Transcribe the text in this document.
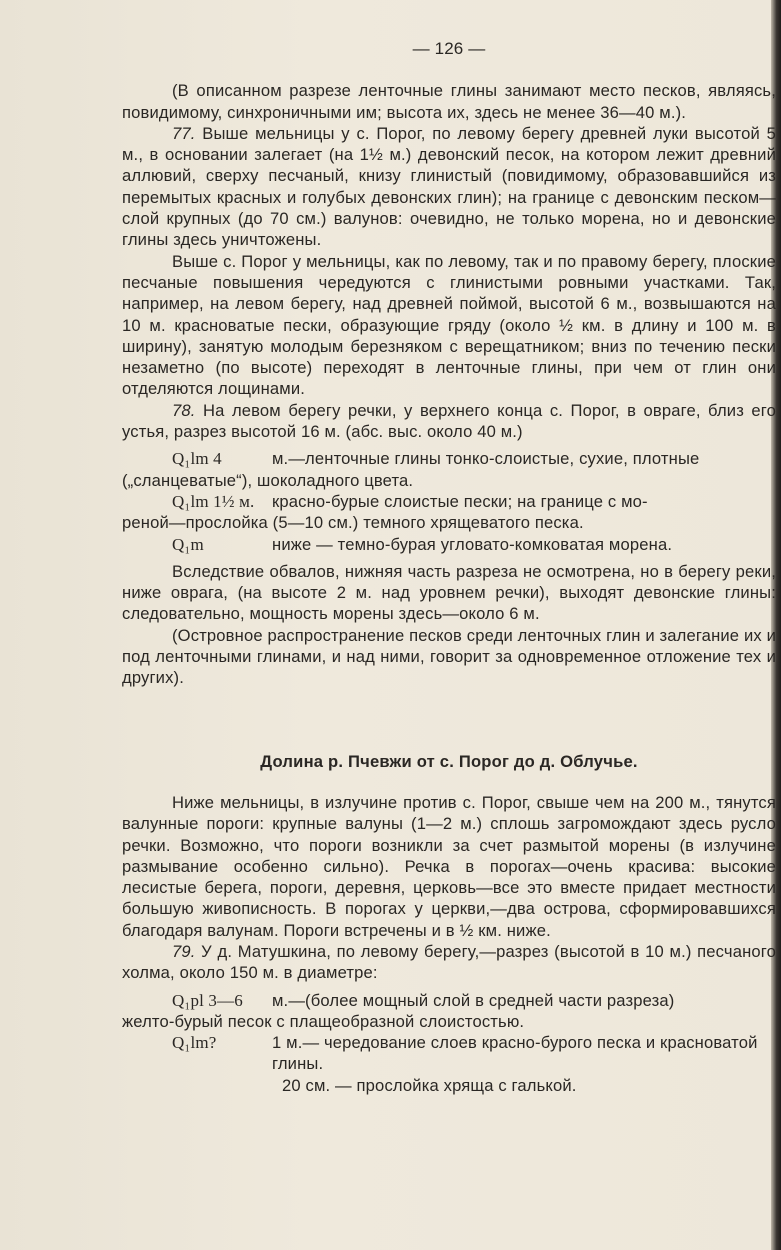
— 126 —

(В описанном разрезе ленточные глины занимают место песков, являясь, повидимому, синхроничными им; высота их, здесь не менее 36—40 м.).

77. Выше мельницы у с. Порог, по левому берегу древней луки высотой 5 м., в основании залегает (на 1½ м.) девонский песок, на котором лежит древний аллювий, сверху песчаный, книзу глинистый (повидимому, образовавшийся из перемытых красных и голубых девонских глин); на границе с девонским песком—слой крупных (до 70 см.) валунов: очевидно, не только морена, но и девонские глины здесь уничтожены.

Выше с. Порог у мельницы, как по левому, так и по правому берегу, плоские песчаные повышения чередуются с глинистыми ровными участками. Так, например, на левом берегу, над древней поймой, высотой 6 м., возвышаются на 10 м. красноватые пески, образующие гряду (около ½ км. в длину и 100 м. в ширину), занятую молодым березняком с верещатником; вниз по течению пески незаметно (по высоте) переходят в ленточные глины, при чем от глин они отделяются лощинами.

78. На левом берегу речки, у верхнего конца с. Порог, в овраге, близ его устья, разрез высотой 16 м. (абс. выс. около 40 м.)

Q₁lm 4	м.—ленточные глины тонко-слоистые, сухие, плотные
(„сланцеватые“), шоколадного цвета.
Q₁lm 1½ м.	красно-бурые слоистые пески; на границе с мо-
реной—прослойка (5—10 см.) темного хрящеватого песка.
Q₁m	ниже — темно-бурая угловато-комковатая морена.

Вследствие обвалов, нижняя часть разреза не осмотрена, но в берегу реки, ниже оврага, (на высоте 2 м. над уровнем речки), выходят девонские глины: следовательно, мощность морены здесь—около 6 м.

(Островное распространение песков среди ленточных глин и залегание их и под ленточными глинами, и над ними, говорит за одновременное отложение тех и других).

Долина р. Пчевжи от с. Порог до д. Облучье.

Ниже мельницы, в излучине против с. Порог, свыше чем на 200 м., тянутся валунные пороги: крупные валуны (1—2 м.) сплошь загромождают здесь русло речки. Возможно, что пороги возникли за счет размытой морены (в излучине размывание особенно сильно). Речка в порогах—очень красива: высокие лесистые берега, пороги, деревня, церковь—все это вместе придает местности большую живописность. В порогах у церкви,—два острова, сформировавшихся благодаря валунам. Пороги встречены и в ½ км. ниже.

79. У д. Матушкина, по левому берегу,—разрез (высотой в 10 м.) песчаного холма, около 150 м. в диаметре:

Q₁pl 3—6	м.—(более мощный слой в средней части разреза)
желто-бурый песок с плащеобразной слоистостью.
Q₁lm?	1 м.— чередование слоев красно-бурого песка и красноватой глины.
20 см. — прослойка хряща с галькой.
